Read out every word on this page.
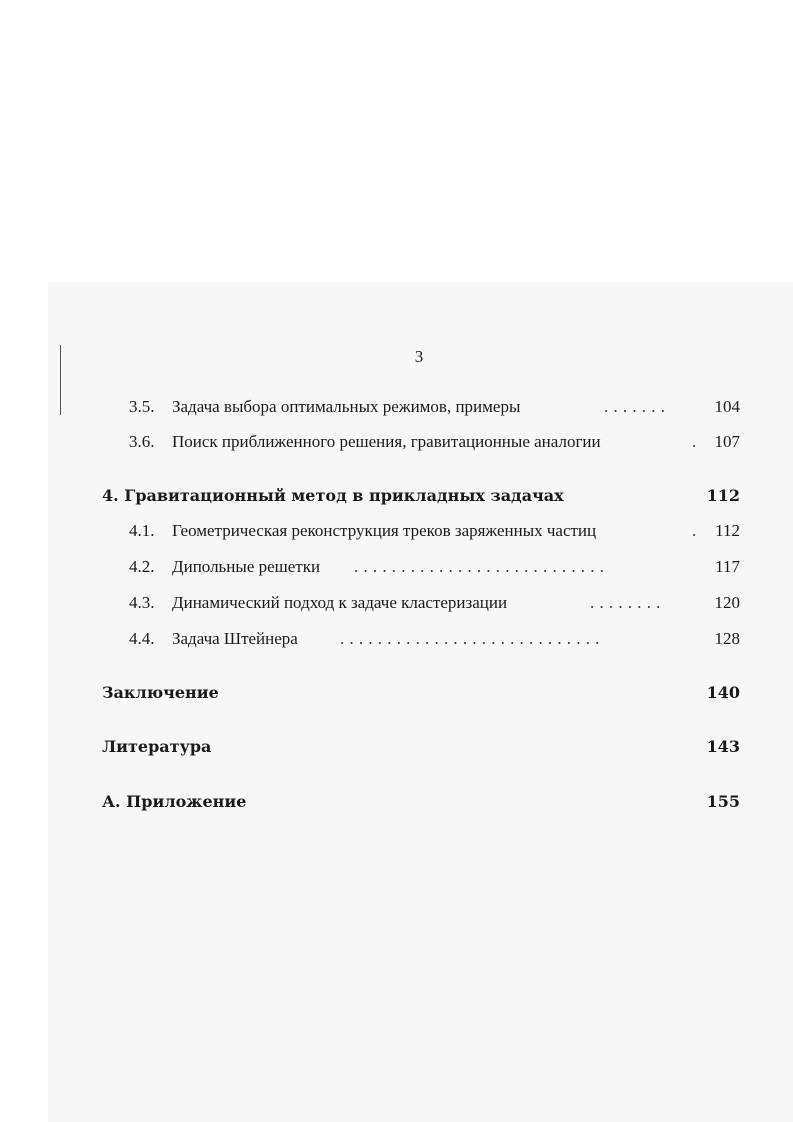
3
3.5. Задача выбора оптимальных режимов, примеры	.......	104
3.6. Поиск приближенного решения, гравитационные аналогии	. 107
4. Гравитационный метод в прикладных задачах	112
4.1. Геометрическая реконструкция треков заряженных частиц	. 112
4.2. Дипольные решетки ...........................	117
4.3. Динамический подход к задаче кластеризации	........	120
4.4. Задача Штейнера ............................	128
Заключение	140
Литература	143
А. Приложение	155
